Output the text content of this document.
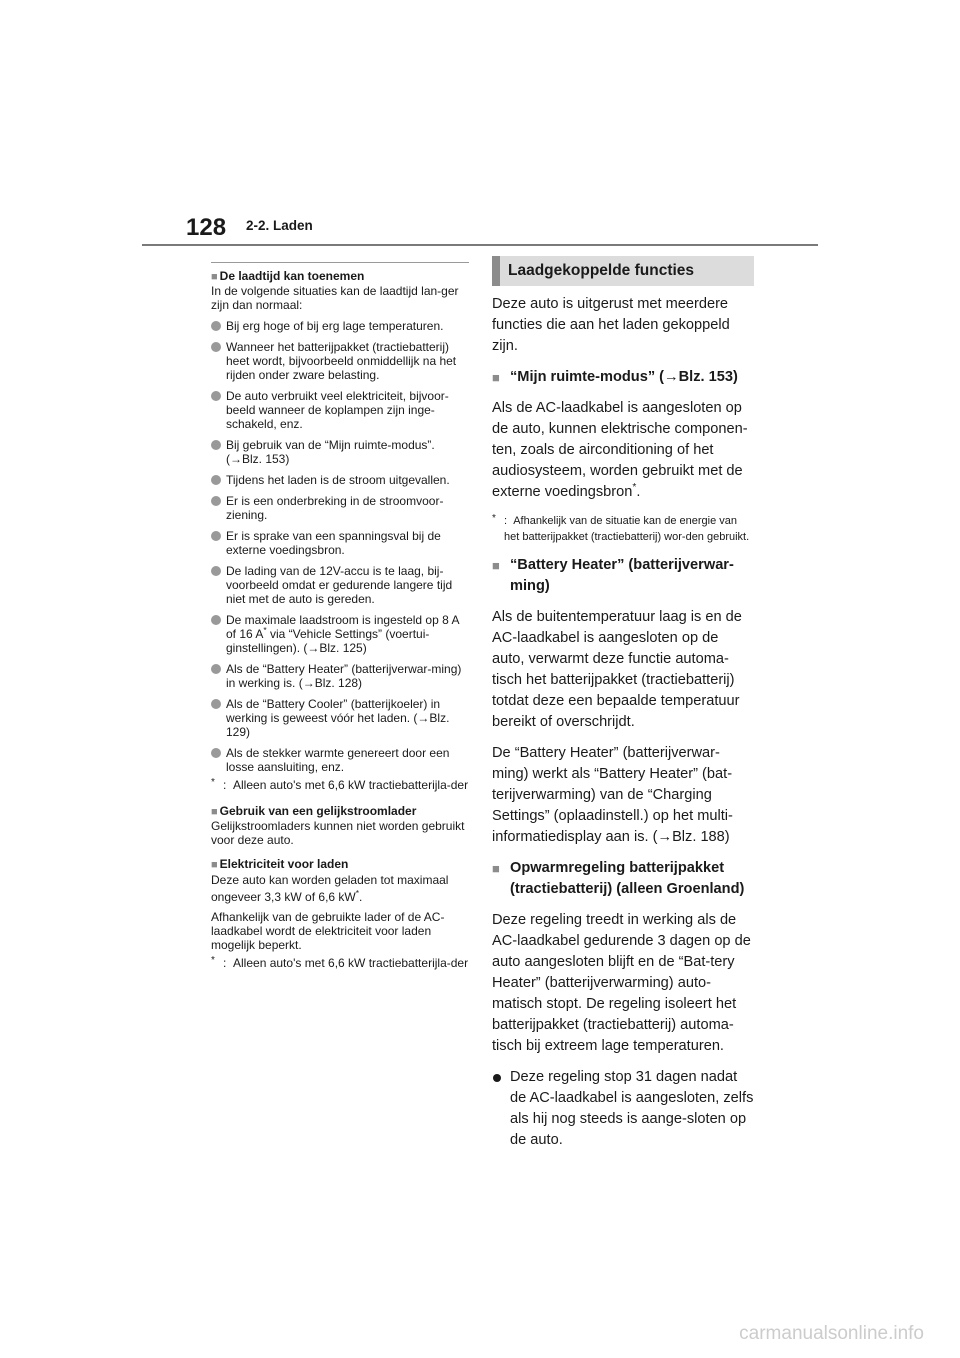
128 2-2. Laden
■ De laadtijd kan toenemen

In de volgende situaties kan de laadtijd lan-ger zijn dan normaal:

Bij erg hoge of bij erg lage temperaturen.
Wanneer het batterijpakket (tractiebatterij) heet wordt, bijvoorbeeld onmiddellijk na het rijden onder zware belasting.
De auto verbruikt veel elektriciteit, bijvoor-beeld wanneer de koplampen zijn inge-schakeld, enz.
Bij gebruik van de “Mijn ruimte-modus”. (→Blz. 153)
Tijdens het laden is de stroom uitgevallen.
Er is een onderbreking in de stroomvoor-ziening.
Er is sprake van een spanningsval bij de externe voedingsbron.
De lading van de 12V-accu is te laag, bij-voorbeeld omdat er gedurende langere tijd niet met de auto is gereden.
De maximale laadstroom is ingesteld op 8 A of 16 A* via “Vehicle Settings” (voertui-ginstellingen). (→Blz. 125)
Als de “Battery Heater” (batterijverwar-ming) in werking is. (→Blz. 128)
Als de “Battery Cooler” (batterijkoeler) in werking is geweest vóór het laden. (→Blz. 129)
Als de stekker warmte genereert door een losse aansluiting, enz.
* : Alleen auto's met 6,6 kW tractiebatterijla-der
■ Gebruik van een gelijkstroomlader

Gelijkstroomladers kunnen niet worden gebruikt voor deze auto.

■ Elektriciteit voor laden

Deze auto kan worden geladen tot maximaal ongeveer 3,3 kW of 6,6 kW*.

Afhankelijk van de gebruikte lader of de AC-laadkabel wordt de elektriciteit voor laden mogelijk beperkt.

* : Alleen auto's met 6,6 kW tractiebatterijla-der
Laadgekoppelde functies

Deze auto is uitgerust met meerdere functies die aan het laden gekoppeld zijn.

■ “Mijn ruimte-modus” (→Blz. 153)

Als de AC-laadkabel is aangesloten op de auto, kunnen elektrische componen-ten, zoals de airconditioning of het audiosysteem, worden gebruikt met de externe voedingsbron*.

* : Afhankelijk van de situatie kan de energie van het batterijpakket (tractiebatterij) wor-den gebruikt.
■ “Battery Heater” (batterijverwar-ming)

Als de buitentemperatuur laag is en de AC-laadkabel is aangesloten op de auto, verwarmt deze functie automa-tisch het batterijpakket (tractiebatterij) totdat deze een bepaalde temperatuur bereikt of overschrijdt.

De “Battery Heater” (batterijverwar-ming) werkt als “Battery Heater” (bat-terijverwarming) van de “Charging Settings” (oplaadinstell.) op het multi-informatiedisplay aan is. (→Blz. 188)

■ Opwarmregeling batterijpakket (tractiebatterij) (alleen Groenland)

Deze regeling treedt in werking als de AC-laadkabel gedurende 3 dagen op de auto aangesloten blijft en de “Bat-tery Heater” (batterijverwarming) auto-matisch stopt. De regeling isoleert het batterijpakket (tractiebatterij) automa-tisch bij extreem lage temperaturen.

Deze regeling stop 31 dagen nadat de AC-laadkabel is aangesloten, zelfs als hij nog steeds is aange-sloten op de auto.
carmanualsonline.info
